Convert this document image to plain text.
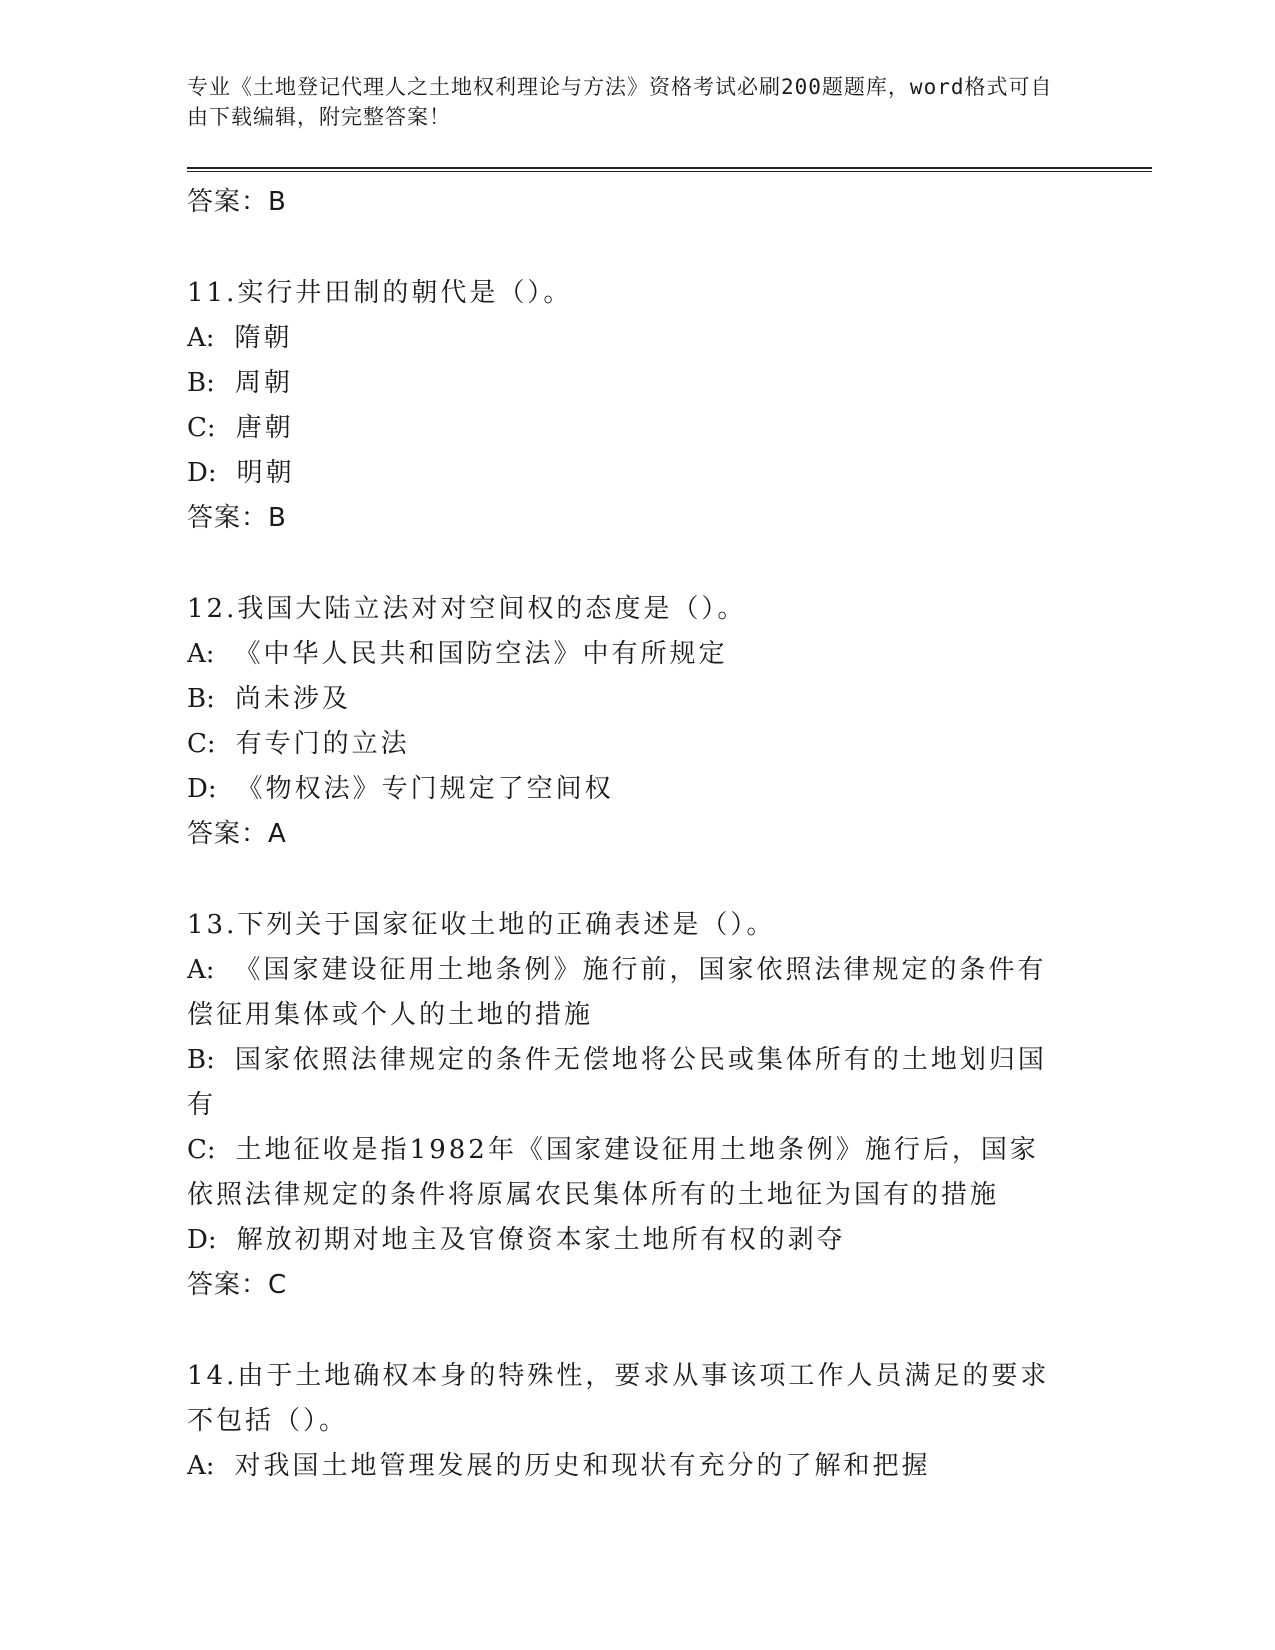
专业《土地登记代理人之土地权利理论与方法》资格考试必刷200题题库，word格式可自由下载编辑，附完整答案！

答案：B

11.实行井田制的朝代是（）。

A: 隋朝

B: 周朝

C: 唐朝

D: 明朝

答案：B

12.我国大陆立法对对空间权的态度是（）。

A: 《中华人民共和国防空法》中有所规定

B: 尚未涉及

C: 有专门的立法

D: 《物权法》专门规定了空间权

答案：A

13.下列关于国家征收土地的正确表述是（）。

A: 《国家建设征用土地条例》施行前，国家依照法律规定的条件有偿征用集体或个人的土地的措施

B: 国家依照法律规定的条件无偿地将公民或集体所有的土地划归国有

C: 土地征收是指1982年《国家建设征用土地条例》施行后，国家依照法律规定的条件将原属农民集体所有的土地征为国有的措施

D: 解放初期对地主及官僚资本家土地所有权的剥夺

答案：C

14.由于土地确权本身的特殊性，要求从事该项工作人员满足的要求不包括（）。

A: 对我国土地管理发展的历史和现状有充分的了解和把握
